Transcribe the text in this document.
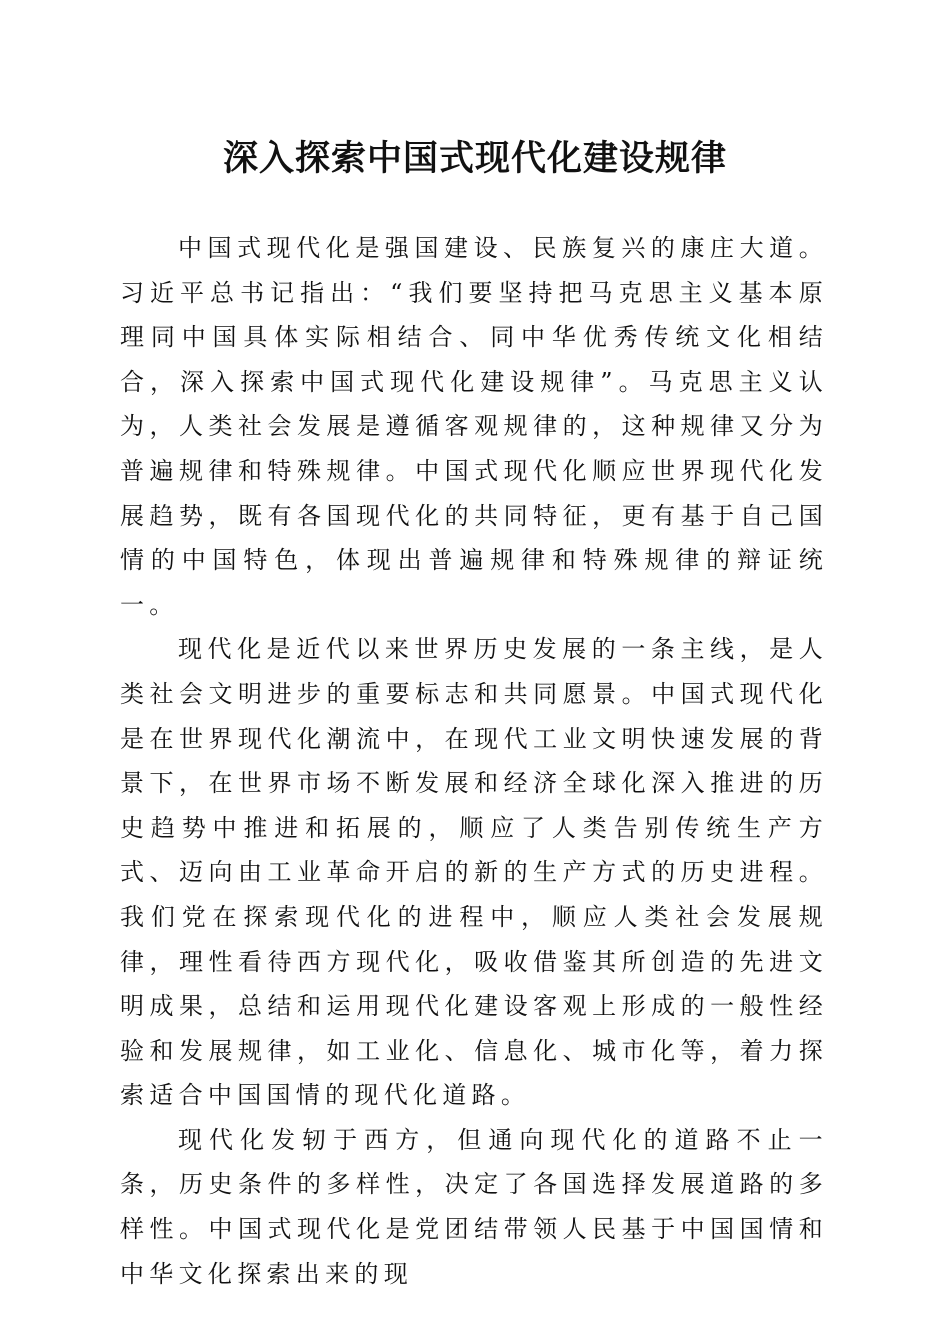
深入探索中国式现代化建设规律

中国式现代化是强国建设、民族复兴的康庄大道。习近平总书记指出：“我们要坚持把马克思主义基本原理同中国具体实际相结合、同中华优秀传统文化相结合，深入探索中国式现代化建设规律”。马克思主义认为，人类社会发展是遵循客观规律的，这种规律又分为普遍规律和特殊规律。中国式现代化顺应世界现代化发展趋势，既有各国现代化的共同特征，更有基于自己国情的中国特色，体现出普遍规律和特殊规律的辩证统一。

现代化是近代以来世界历史发展的一条主线，是人类社会文明进步的重要标志和共同愿景。中国式现代化是在世界现代化潮流中，在现代工业文明快速发展的背景下，在世界市场不断发展和经济全球化深入推进的历史趋势中推进和拓展的，顺应了人类告别传统生产方式、迈向由工业革命开启的新的生产方式的历史进程。我们党在探索现代化的进程中，顺应人类社会发展规律，理性看待西方现代化，吸收借鉴其所创造的先进文明成果，总结和运用现代化建设客观上形成的一般性经验和发展规律，如工业化、信息化、城市化等，着力探索适合中国国情的现代化道路。

现代化发轫于西方，但通向现代化的道路不止一条，历史条件的多样性，决定了各国选择发展道路的多样性。中国式现代化是党团结带领人民基于中国国情和中华文化探索出来的现
